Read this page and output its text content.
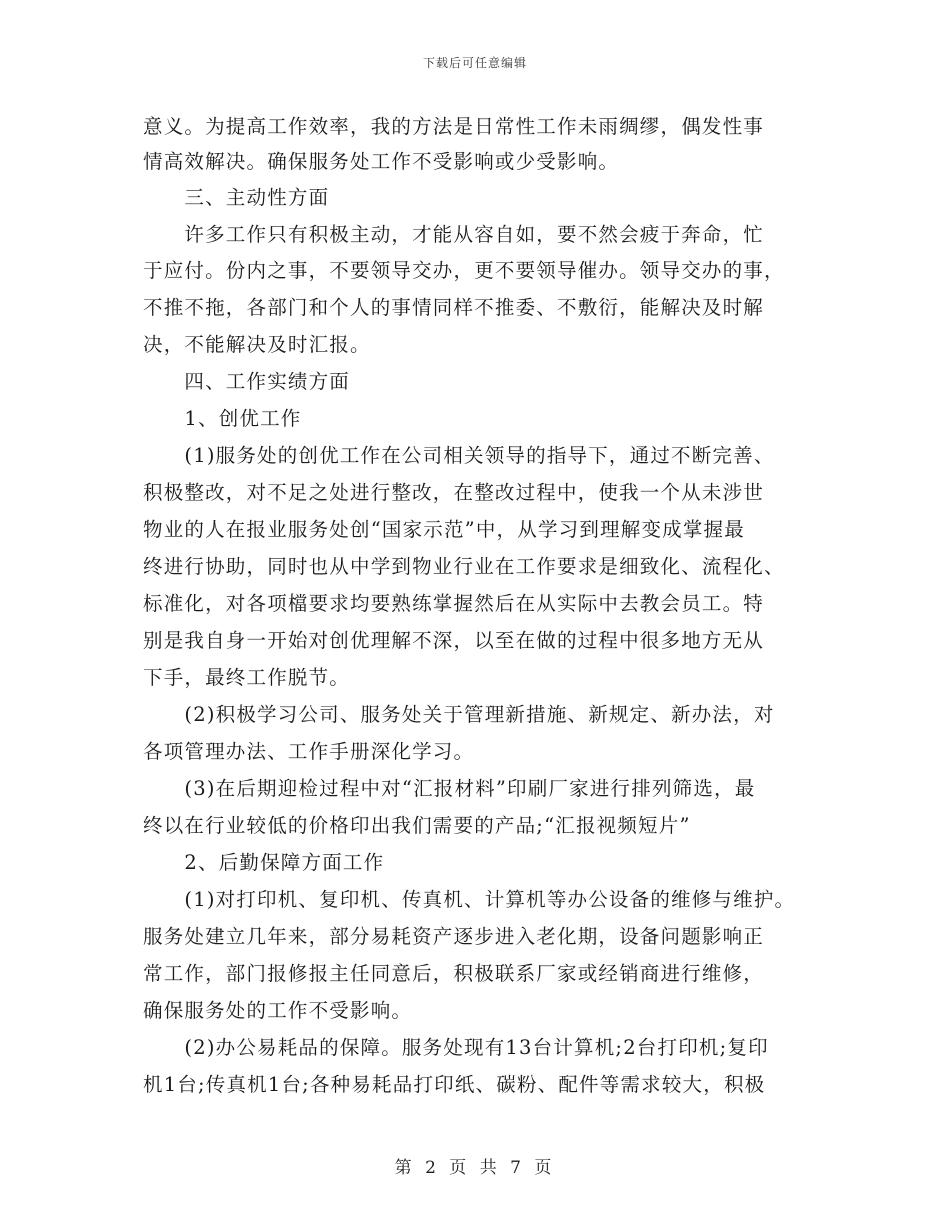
下载后可任意编辑
意义。为提高工作效率，我的方法是日常性工作未雨绸缪，偶发性事
情高效解决。确保服务处工作不受影响或少受影响。
　　三、主动性方面
　　许多工作只有积极主动，才能从容自如，要不然会疲于奔命，忙
于应付。份内之事，不要领导交办，更不要领导催办。领导交办的事，
不推不拖，各部门和个人的事情同样不推委、不敷衍，能解决及时解
决，不能解决及时汇报。
　　四、工作实绩方面
　　1、创优工作
　　(1)服务处的创优工作在公司相关领导的指导下，通过不断完善、
积极整改，对不足之处进行整改，在整改过程中，使我一个从未涉世
物业的人在报业服务处创“国家示范”中，从学习到理解变成掌握最
终进行协助，同时也从中学到物业行业在工作要求是细致化、流程化、
标准化，对各项檔要求均要熟练掌握然后在从实际中去教会员工。特
别是我自身一开始对创优理解不深，以至在做的过程中很多地方无从
下手，最终工作脱节。
　　(2)积极学习公司、服务处关于管理新措施、新规定、新办法，对
各项管理办法、工作手册深化学习。
　　(3)在后期迎检过程中对“汇报材料”印刷厂家进行排列筛选，最
终以在行业较低的价格印出我们需要的产品;“汇报视频短片”
　　2、后勤保障方面工作
　　(1)对打印机、复印机、传真机、计算机等办公设备的维修与维护。
服务处建立几年来，部分易耗资产逐步进入老化期，设备问题影响正
常工作，部门报修报主任同意后，积极联系厂家或经销商进行维修，
确保服务处的工作不受影响。
　　(2)办公易耗品的保障。服务处现有13台计算机;2台打印机;复印
机1台;传真机1台;各种易耗品打印纸、碳粉、配件等需求较大，积极
第 2 页 共 7 页
